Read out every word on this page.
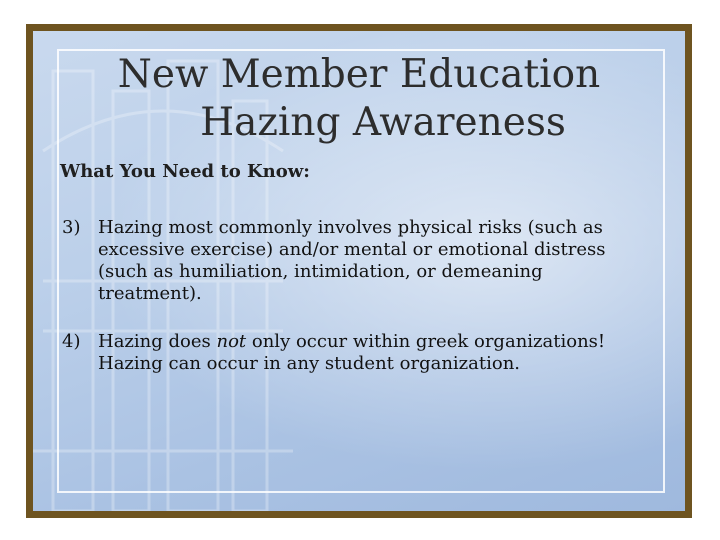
New Member Education

Hazing Awareness
What You Need to Know:
3) Hazing most commonly involves physical risks (such as excessive exercise) and/or mental or emotional distress (such as humiliation, intimidation, or demeaning treatment).
4) Hazing does not only occur within greek organizations! Hazing can occur in any student organization.
